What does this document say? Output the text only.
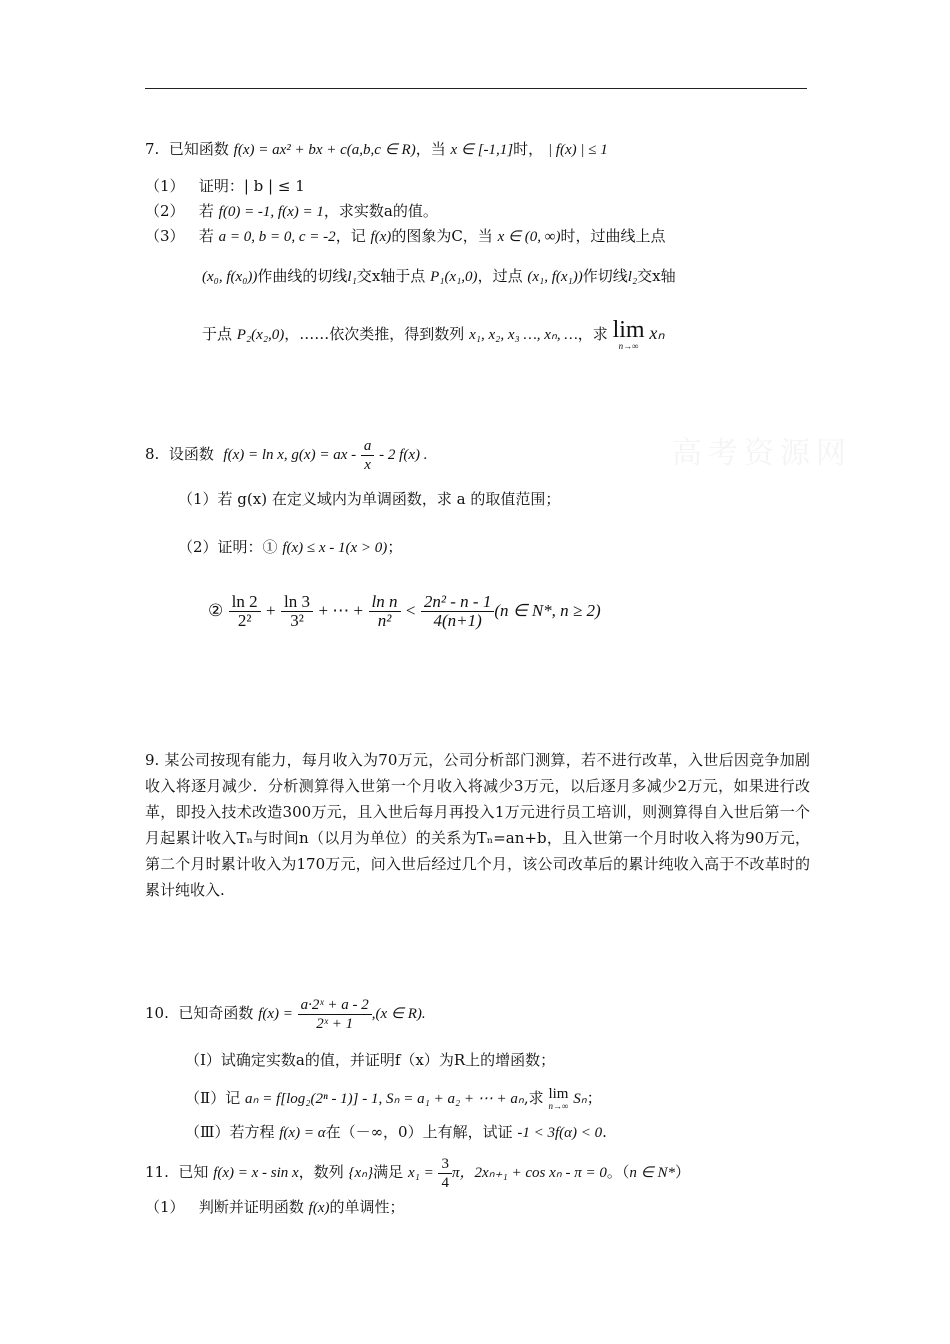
高考资源网
7. 已知函数 f(x) = ax² + bx + c(a,b,c ∈ R)，当 x ∈ [-1,1]时， | f(x) | ≤ 1
（1） 证明：| b | ≤ 1
（2） 若 f(0) = -1, f(x) = 1，求实数a的值。
（3） 若 a = 0, b = 0, c = -2，记 f(x)的图象为C，当 x ∈ (0, ∞)时，过曲线上点
(x₀, f(x₀))作曲线的切线l₁交x轴于点 P₁(x₁,0)，过点 (x₁, f(x₁))作切线l₂交x轴
于点 P₂(x₂,0)，……依次类推，得到数列 x₁, x₂, x₃ …, xₙ, …，求 lim
n→∞
xₙ
8. 设函数 f(x) = ln x, g(x) = ax - $\frac{a}{x} - 2$ f(x) .
（1）若 g(x) 在定义域内为单调函数，求 a 的取值范围；
（2）证明：① f(x) ≤ x - 1(x > 0)；
② $\frac{\ln 2}{\text{2²}} + \frac{\ln 3}{\text{3²}}$ + ⋯ + $\frac{\text{ln n}}{\text{n²}} < \frac{\text{2n² - n - 1}}{4(n+1)} (n$ ∈ N*, n ≥ 2)
9. 某公司按现有能力，每月收入为70万元，公司分析部门测算，若不进行改革，入世后因竞争加剧收入将逐月减少．分析测算得入世第一个月收入将减少3万元，以后逐月多减少2万元，如果进行改革，即投入技术改造300万元，且入世后每月再投入1万元进行员工培训，则测算得自入世后第一个月起累计收入Tₙ与时间n（以月为单位）的关系为Tₙ=an+b，且入世第一个月时收入将为90万元，第二个月时累计收入为170万元，问入世后经过几个月，该公司改革后的累计纯收入高于不改革时的累计纯收入.
10. 已知奇函数 $f(x) = \frac{\text{a·2ˣ + a - 2}}{\text{2ˣ + 1}} ,(x$ ∈ R).
（Ⅰ）试确定实数a的值，并证明f（x）为R上的增函数；
（Ⅱ）记 aₙ = f[log₂(2ⁿ - 1)] - 1, Sₙ = a₁ + a₂ + ⋯ + aₙ,求 lim
n→∞ Sₙ；
（Ⅲ）若方程 f(x) = α在（－∞，0）上有解，试证 -1 < 3f(α) < 0.
11. 已知 f(x) = x - sin x，数列 {xₙ}满足 $x_1 = \frac{3}{4}$ π，2xₙ₊₁ + cos xₙ - π = 0。（n ∈ N*）
（1） 判断并证明函数 f(x)的单调性；
